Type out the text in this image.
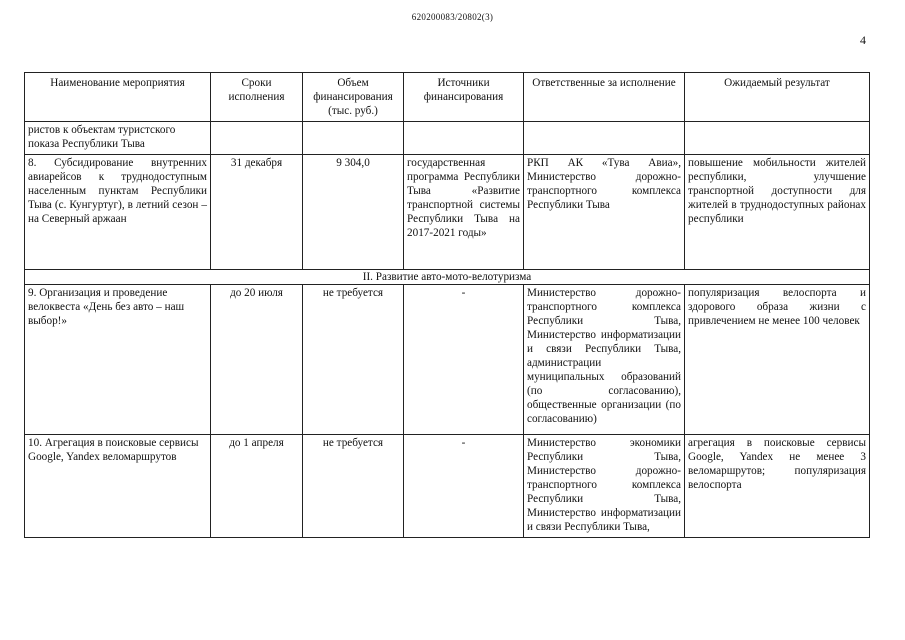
620200083/20802(3)
4
Наименование мероприятия	Сроки исполнения	Объем финансирования (тыс. руб.)	Источники финансирования	Ответственные за исполнение	Ожидаемый результат
ристов к объектам туристского показа Республики Тыва					
8. Субсидирование внутренних авиарейсов к труднодоступным населенным пунктам Республики Тыва (с. Кунгуртуг), в летний сезон – на Северный аржаан	31 декабря	9 304,0	государственная программа Республики Тыва «Развитие транспортной системы Республики Тыва на 2017-2021 годы»	РКП АК «Тува Авиа», Министерство дорожно-транспортного комплекса Республики Тыва	повышение мобильности жителей республики, улучшение транспортной доступности для жителей в труднодоступных районах республики
II. Развитие авто-мото-велотуризма					
9. Организация и проведение велоквеста «День без авто – наш выбор!»	до 20 июля	не требуется	-	Министерство дорожно-транспортного комплекса Республики Тыва, Министерство информатизации и связи Республики Тыва, администрации муниципальных образований (по согласованию), общественные организации (по согласованию)	популяризация велоспорта и здорового образа жизни с привлечением не менее 100 человек
10. Агрегация в поисковые сервисы Google, Yandex веломаршрутов	до 1 апреля	не требуется	-	Министерство экономики Республики Тыва, Министерство дорожно-транспортного комплекса Республики Тыва, Министерство информатизации и связи Республики Тыва,	агрегация в поисковые сервисы Google, Yandex не менее 3 веломаршрутов; популяризация велоспорта
